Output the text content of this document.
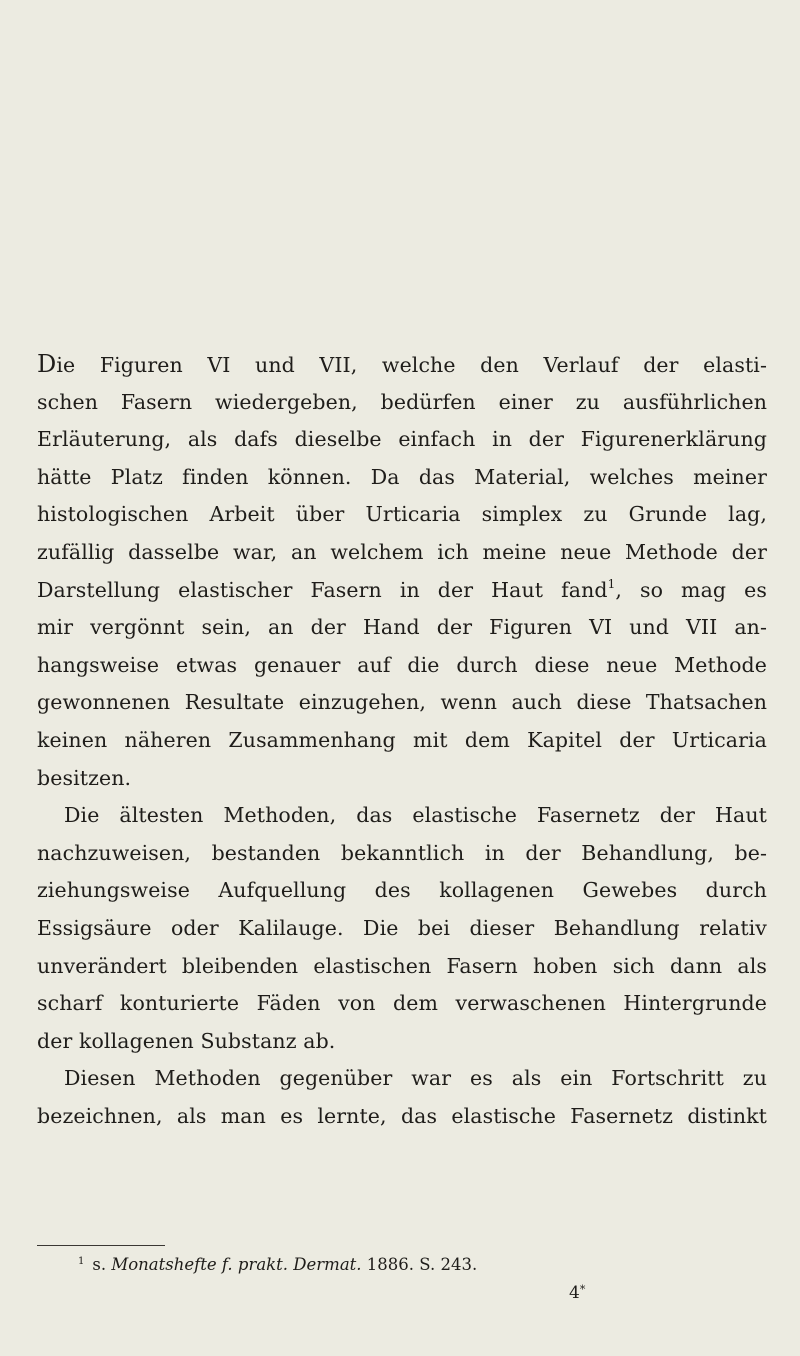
Die Figuren VI und VII, welche den Verlauf der elasti-
schen Fasern wiedergeben, bedürfen einer zu ausführlichen
Erläuterung, als dafs dieselbe einfach in der Figurenerklärung
hätte Platz finden können. Da das Material, welches meiner
histologischen Arbeit über Urticaria simplex zu Grunde lag,
zufällig dasselbe war, an welchem ich meine neue Methode der
Darstellung elastischer Fasern in der Haut fand$^1$, so mag es
mir vergönnt sein, an der Hand der Figuren VI und VII an-
hangsweise etwas genauer auf die durch diese neue Methode
gewonnenen Resultate einzugehen, wenn auch diese Thatsachen
keinen näheren Zusammenhang mit dem Kapitel der Urticaria
besitzen.
Die ältesten Methoden, das elastische Fasernetz der Haut
nachzuweisen, bestanden bekanntlich in der Behandlung, be-
ziehungsweise Aufquellung des kollagenen Gewebes durch
Essigsäure oder Kalilauge. Die bei dieser Behandlung relativ
unverändert bleibenden elastischen Fasern hoben sich dann als
scharf konturierte Fäden von dem verwaschenen Hintergrunde
der kollagenen Substanz ab.
Diesen Methoden gegenüber war es als ein Fortschritt zu
bezeichnen, als man es lernte, das elastische Fasernetz distinkt
$^1$ s. Monatshefte f. prakt. Dermat. 1886. S. 243.
4*
